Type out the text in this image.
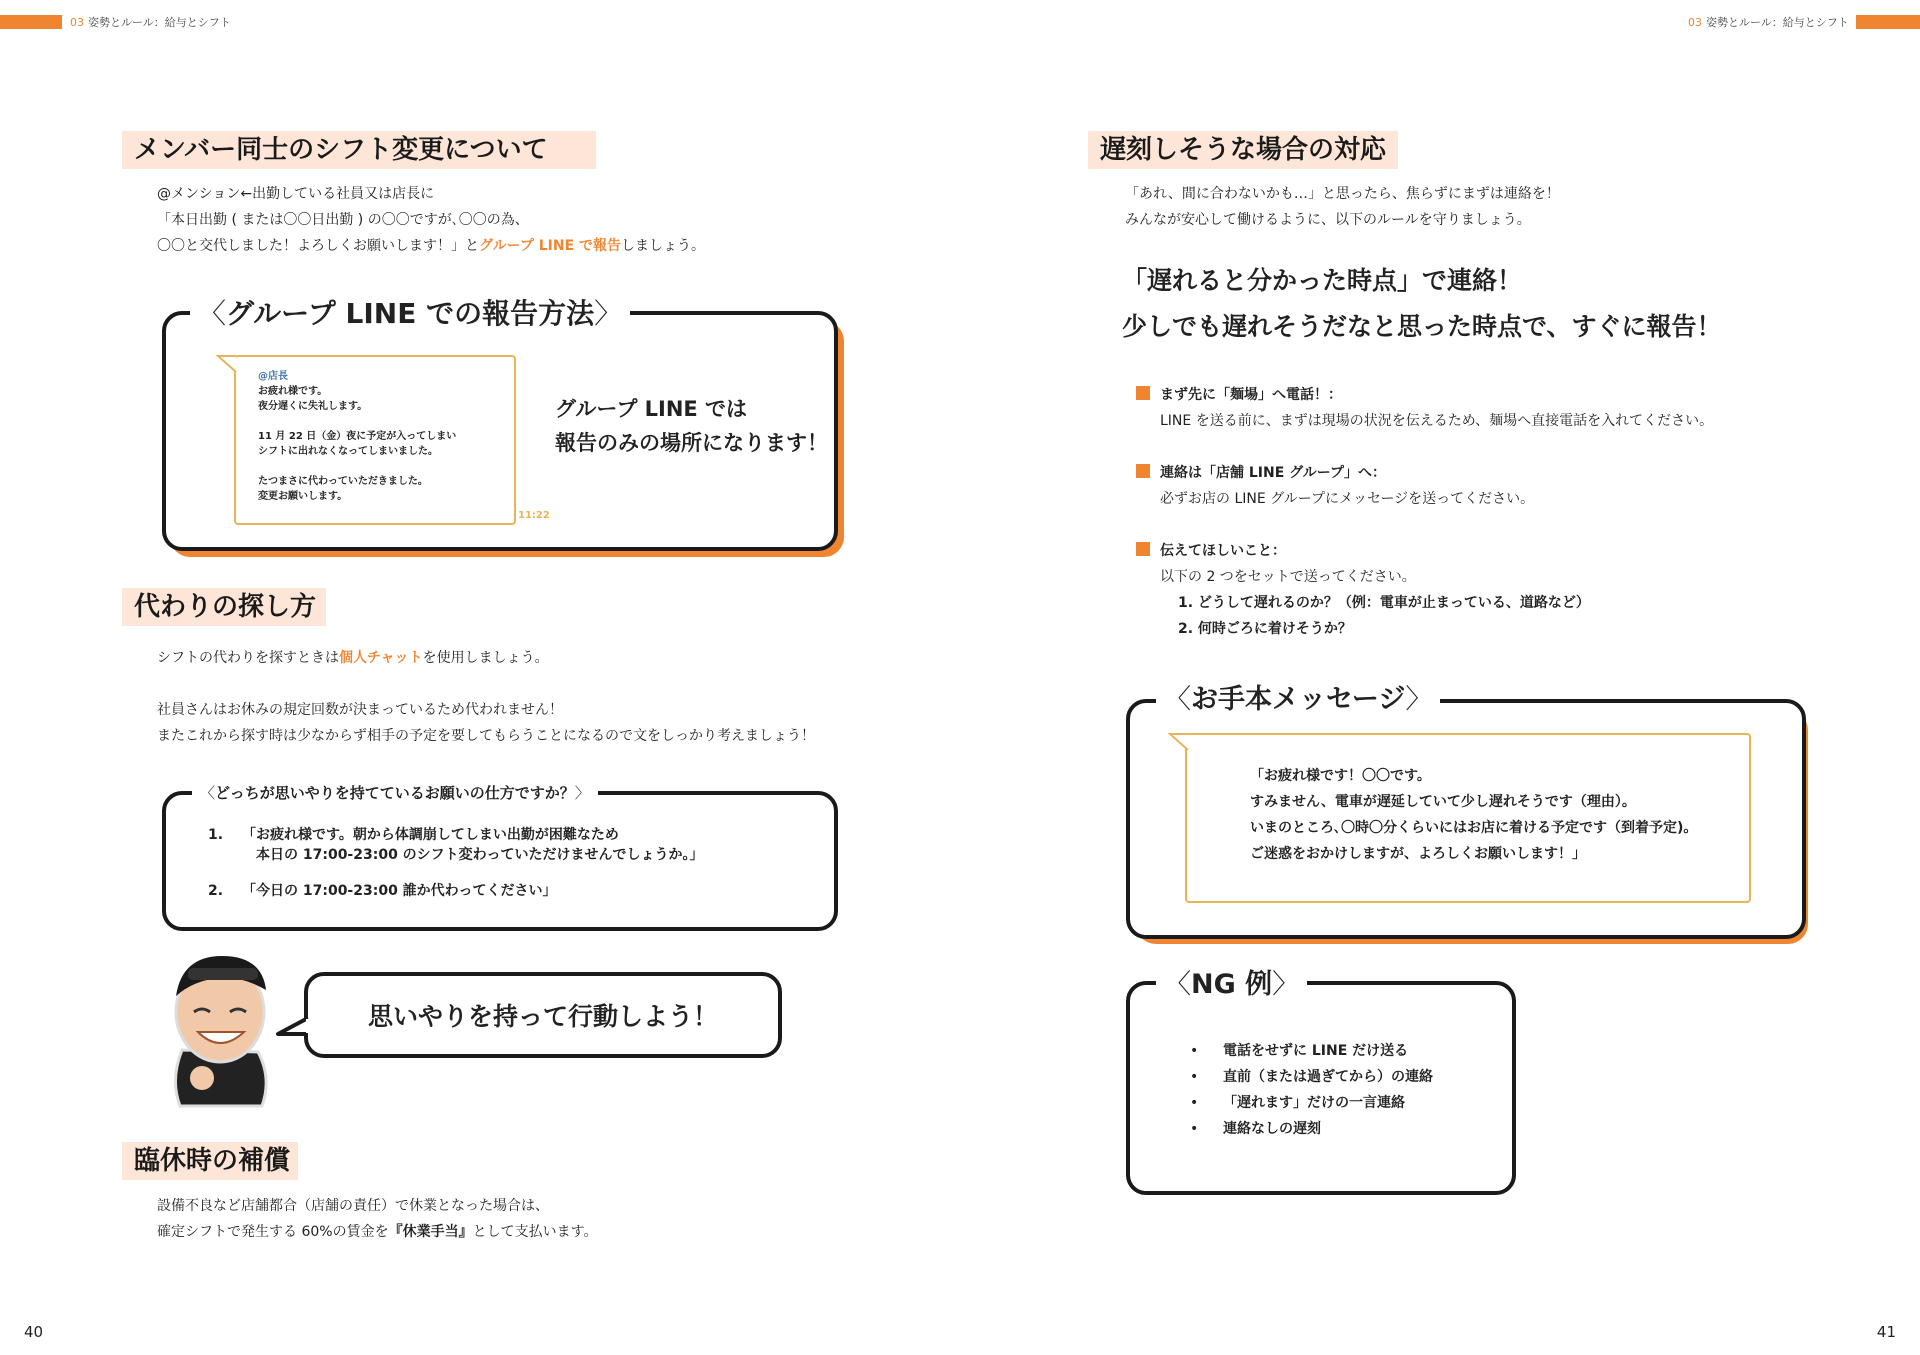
03 姿勢とルール：給与とシフト	03 姿勢とルール：給与とシフト
メンバー同士のシフト変更について
@メンション←出勤している社員又は店長に
「本日出勤 ( または〇〇日出勤 ) の〇〇ですが､〇〇の為、
〇〇と交代しました！よろしくお願いします！」とグループ LINE で報告しましょう。
〈グループ LINE での報告方法〉
@店長
お疲れ様です。
夜分遅くに失礼します。
11 月 22 日（金）夜に予定が入ってしまい
シフトに出れなくなってしまいました。
たつまさに代わっていただきました。
変更お願いします。
11:22
グループ LINE では
報告のみの場所になります！
代わりの探し方
シフトの代わりを探すときは個人チャットを使用しましょう。
社員さんはお休みの規定回数が決まっているため代われません！
またこれから探す時は少なからず相手の予定を要してもらうことになるので文をしっかり考えましょう！
〈どっちが思いやりを持てているお願いの仕方ですか？〉
1. 「お疲れ様です。朝から体調崩してしまい出勤が困難なため
本日の 17:00-23:00 のシフト変わっていただけませんでしょうか。」
2. 「今日の 17:00-23:00 誰か代わってください」
思いやりを持って行動しよう！
臨休時の補償
設備不良など店舗都合（店舗の責任）で休業となった場合は、
確定シフトで発生する 60%の賃金を『休業手当』として支払います。
40
遅刻しそうな場合の対応
「あれ、間に合わないかも…」と思ったら、焦らずにまずは連絡を！
みんなが安心して働けるように、以下のルールを守りましょう。
「遅れると分かった時点」で連絡！
少しでも遅れそうだなと思った時点で、すぐに報告！
まず先に「麺場」へ電話！：
LINE を送る前に、まずは現場の状況を伝えるため、麺場へ直接電話を入れてください。
連絡は「店舗 LINE グループ」へ：
必ずお店の LINE グループにメッセージを送ってください。
伝えてほしいこと：
以下の 2 つをセットで送ってください。
1. どうして遅れるのか？（例：電車が止まっている、道路など）
2. 何時ごろに着けそうか？
〈お手本メッセージ〉
「お疲れ様です！〇〇です。
すみません、電車が遅延していて少し遅れそうです（理由）。
いまのところ､〇時〇分くらいにはお店に着ける予定です（到着予定)。
ご迷惑をおかけしますが、よろしくお願いします！」
〈NG 例〉
• 電話をせずに LINE だけ送る
• 直前（または過ぎてから）の連絡
• 「遅れます」だけの一言連絡
• 連絡なしの遅刻
41
